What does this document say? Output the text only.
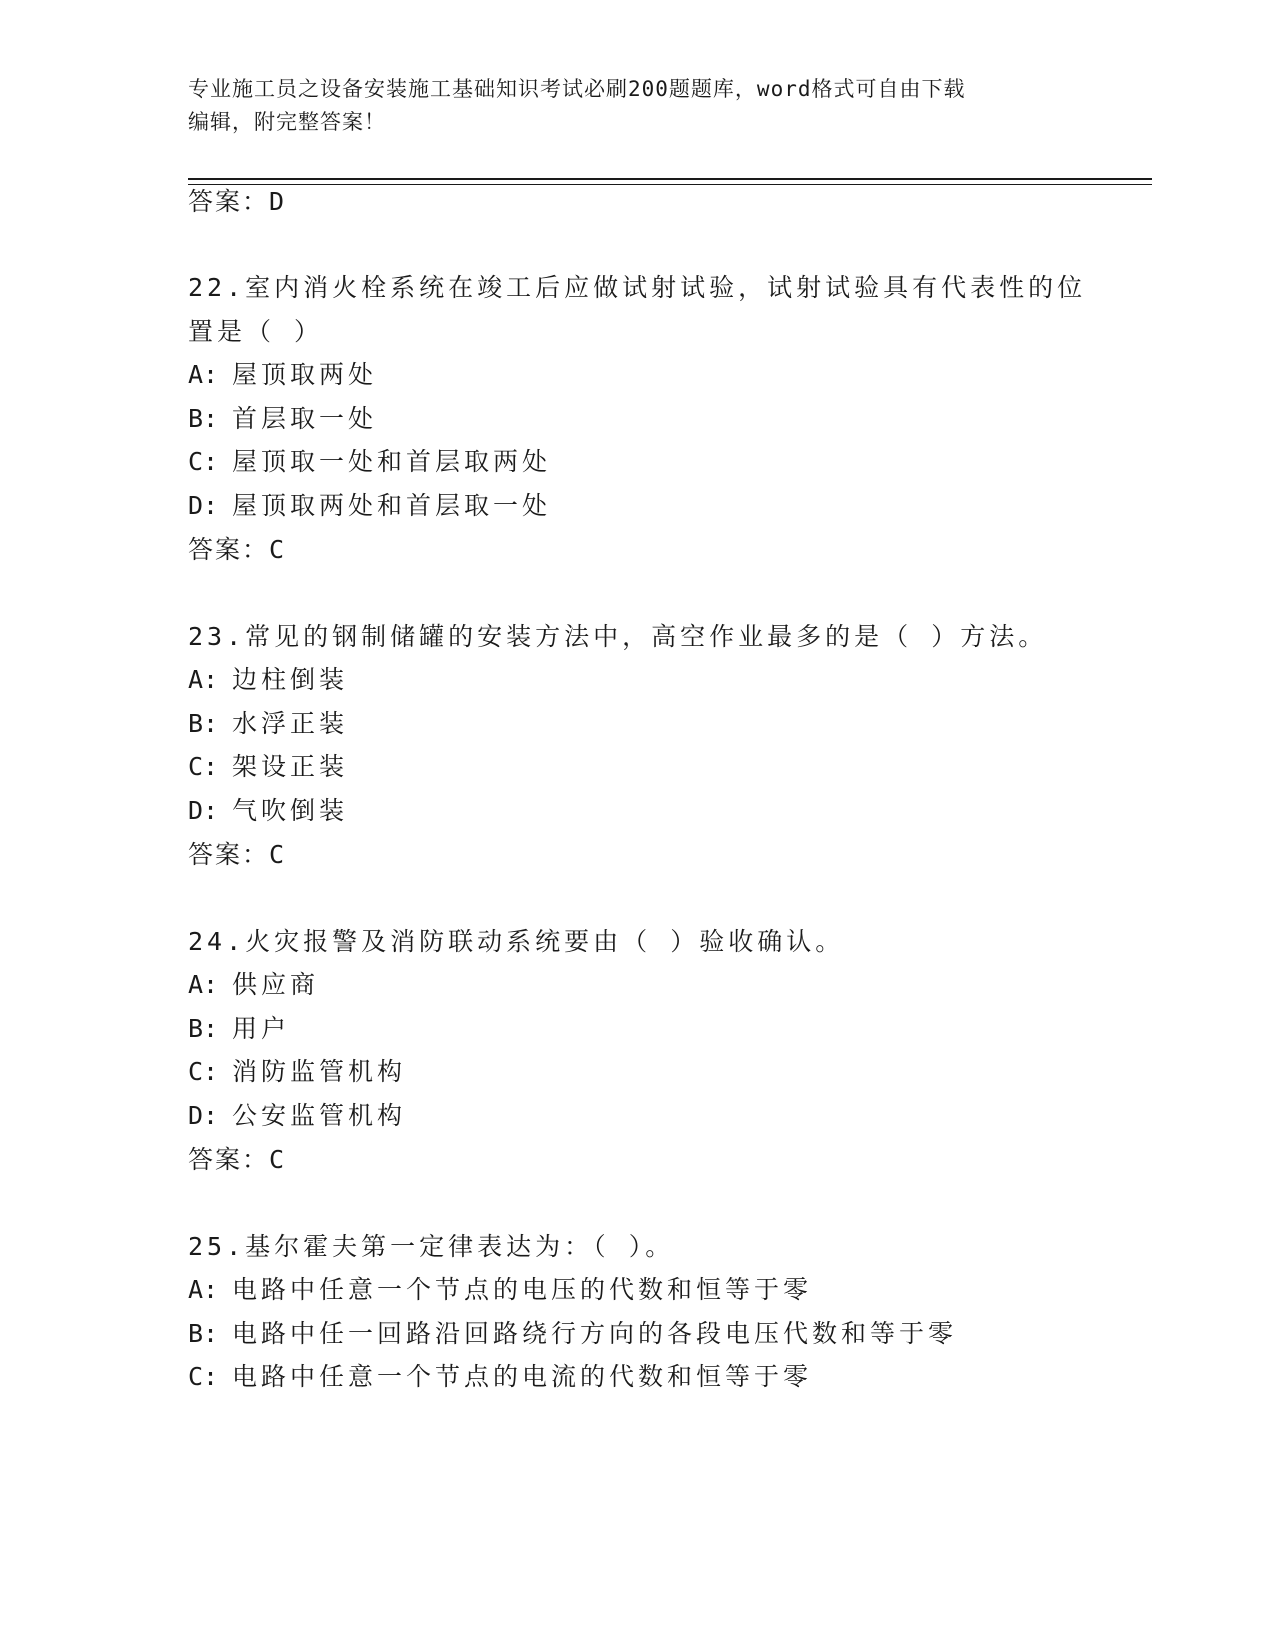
专业施工员之设备安装施工基础知识考试必刷200题题库，word格式可自由下载
编辑，附完整答案！
答案：D
22.室内消火栓系统在竣工后应做试射试验，试射试验具有代表性的位
置是（ ）
A: 屋顶取两处
B: 首层取一处
C: 屋顶取一处和首层取两处
D: 屋顶取两处和首层取一处
答案：C
23.常见的钢制储罐的安装方法中，高空作业最多的是（ ）方法。
A: 边柱倒装
B: 水浮正装
C: 架设正装
D: 气吹倒装
答案：C
24.火灾报警及消防联动系统要由（ ）验收确认。
A: 供应商
B: 用户
C: 消防监管机构
D: 公安监管机构
答案：C
25.基尔霍夫第一定律表达为：（ ）。
A: 电路中任意一个节点的电压的代数和恒等于零
B: 电路中任一回路沿回路绕行方向的各段电压代数和等于零
C: 电路中任意一个节点的电流的代数和恒等于零
